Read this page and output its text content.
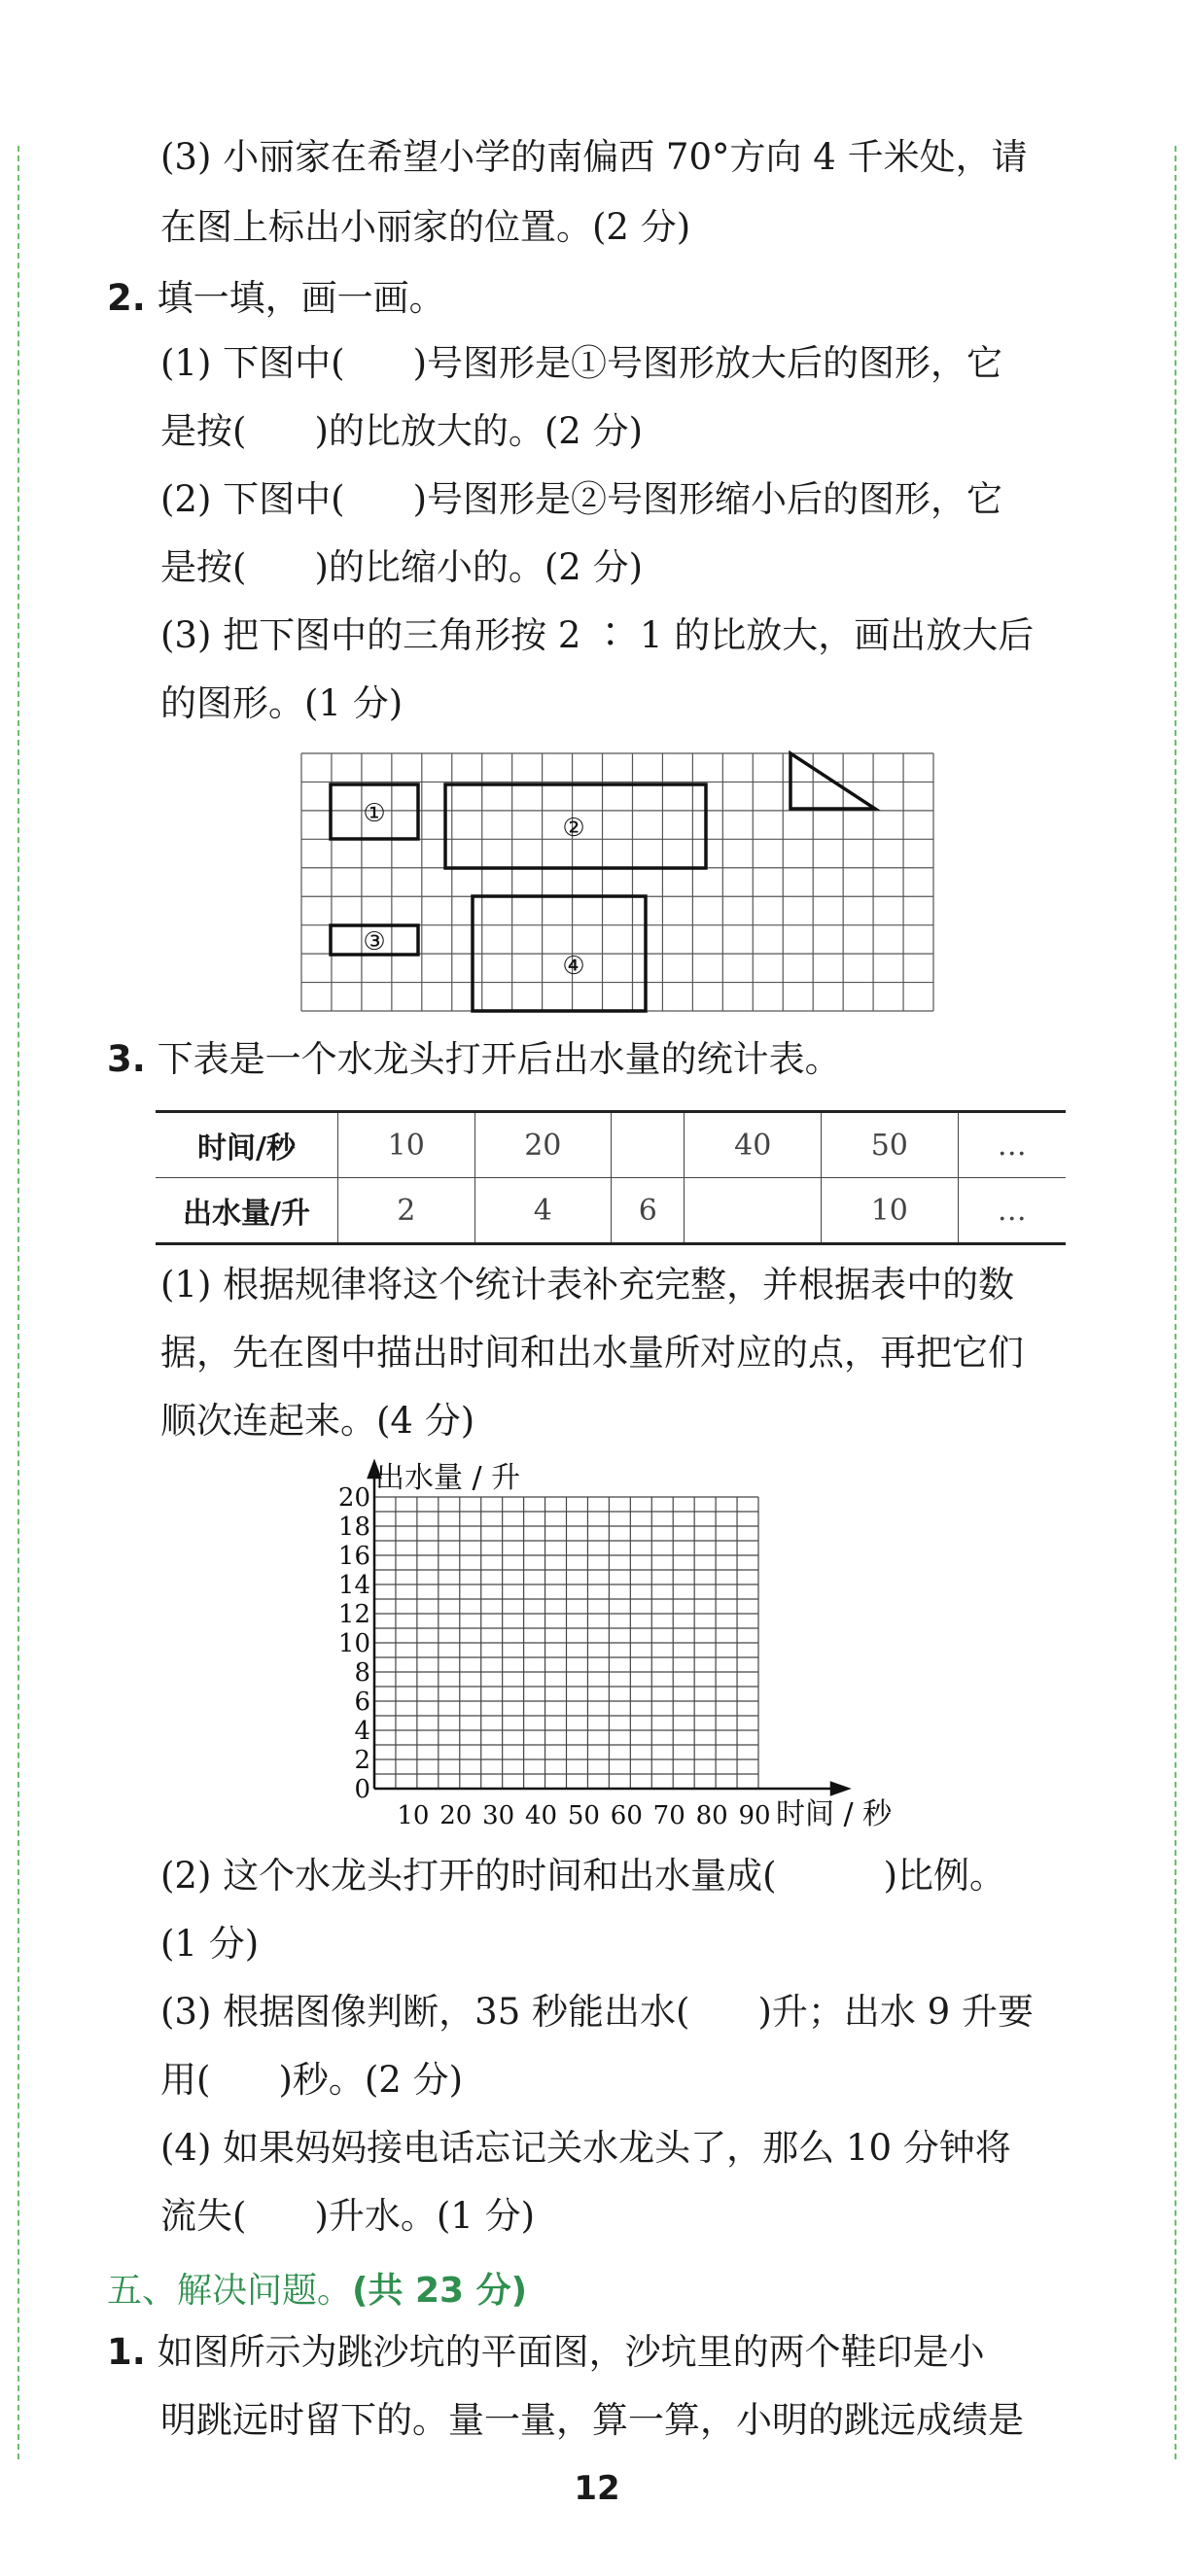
(3) 小丽家在希望小学的南偏西 70°方向 4 千米处，请
在图上标出小丽家的位置。(2 分)
2. 填一填，画一画。
(1) 下图中( )号图形是①号图形放大后的图形，它
是按( )的比放大的。(2 分)
(2) 下图中( )号图形是②号图形缩小后的图形，它
是按( )的比缩小的。(2 分)
(3) 把下图中的三角形按 2 ∶ 1 的比放大，画出放大后
的图形。(1 分)
①	②
③
④
3. 下表是一个水龙头打开后出水量的统计表。
时间/秒	10	20		40	50	…
出水量/升	2	4	6		10	…
(1) 根据规律将这个统计表补充完整，并根据表中的数
据，先在图中描出时间和出水量所对应的点，再把它们
顺次连起来。(4 分)
0
2
4
6
8
10
12
14
16
18
20
10 20 30 40 50 60 70 80 90
出水量 / 升
时间 / 秒
(2) 这个水龙头打开的时间和出水量成(	)比例。
(1 分)
(3) 根据图像判断，35 秒能出水( )升；出水 9 升要
用( )秒。(2 分)
(4) 如果妈妈接电话忘记关水龙头了，那么 10 分钟将
流失( )升水。(1 分)
五、解决问题。(共 23 分)
1. 如图所示为跳沙坑的平面图，沙坑里的两个鞋印是小
明跳远时留下的。量一量，算一算，小明的跳远成绩是
12
